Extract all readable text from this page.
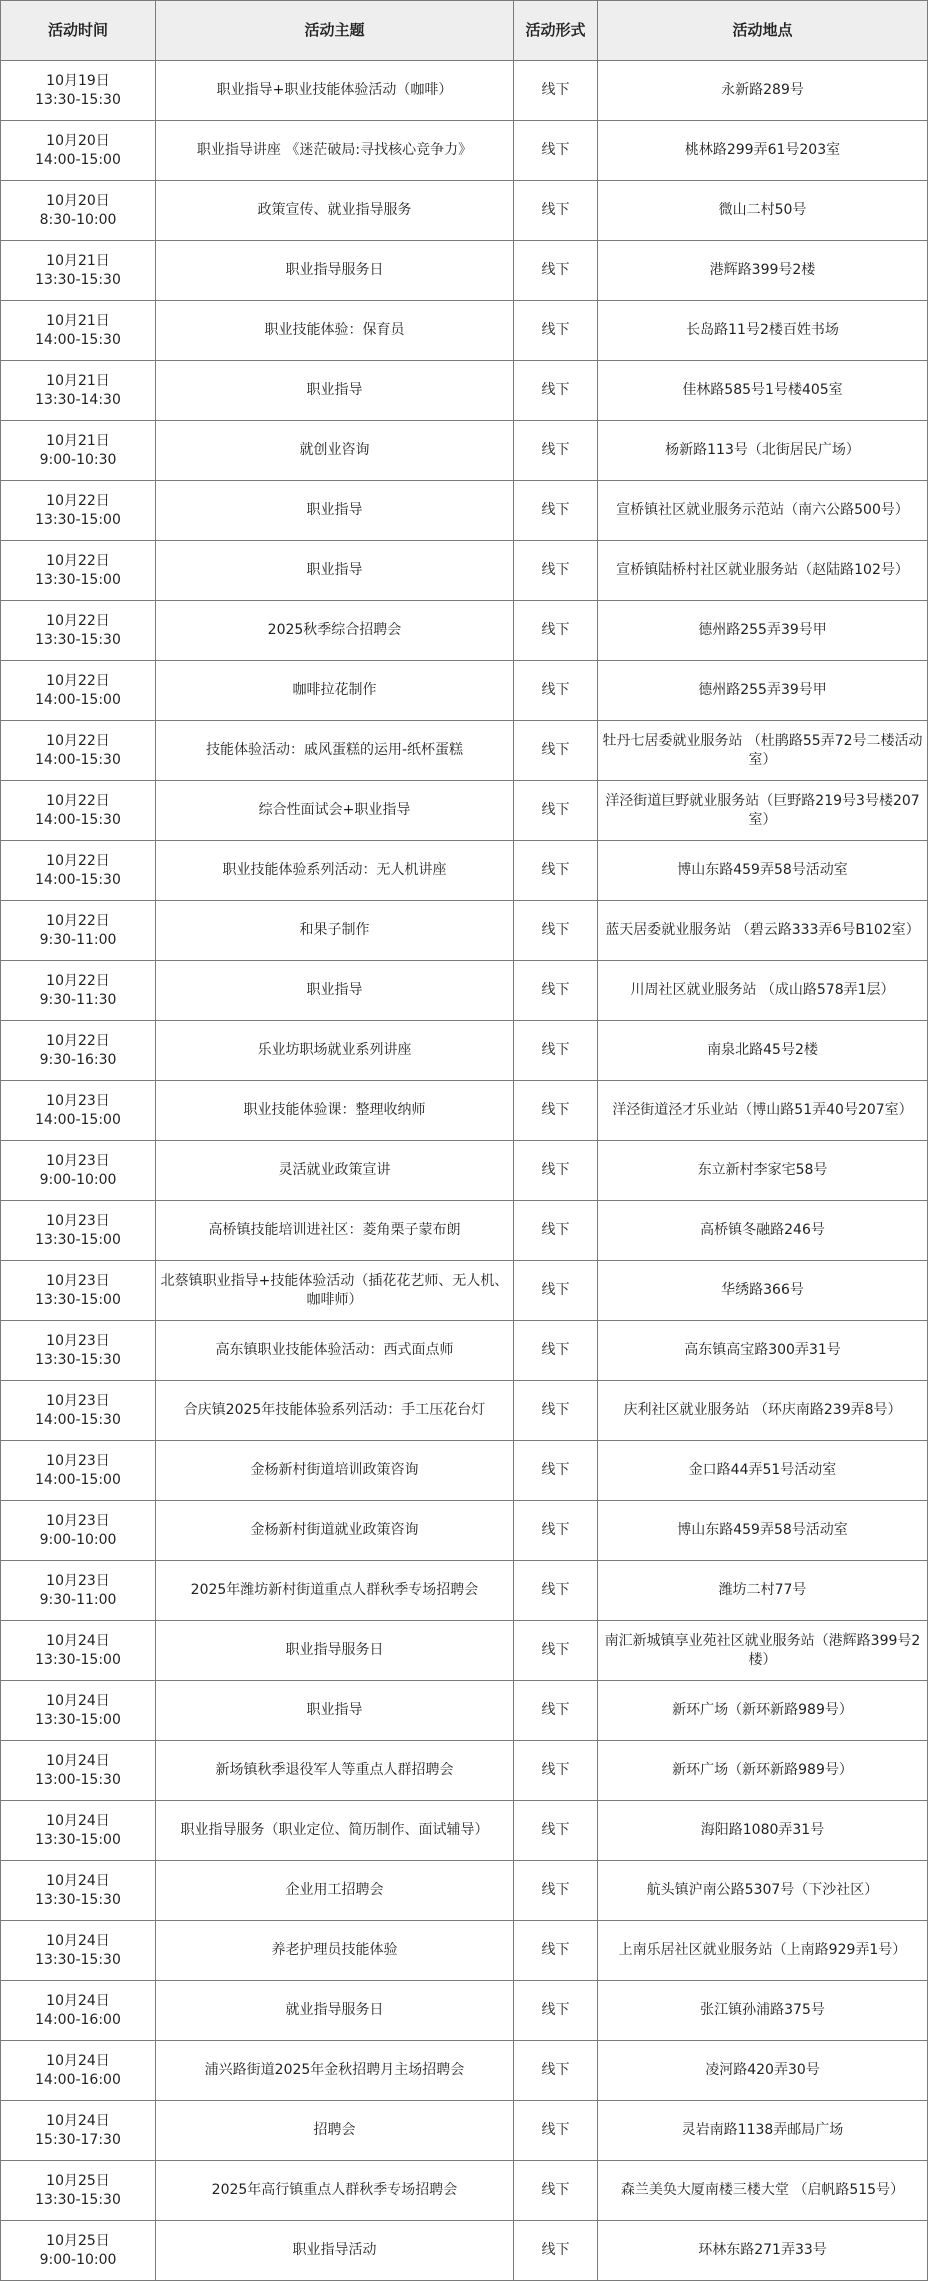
活动时间	活动主题	活动形式	活动地点

10月19日
13:30-15:30	职业指导+职业技能体验活动（咖啡）	线下	永新路289号

10月20日
14:00-15:00	职业指导讲座 《迷茫破局:寻找核心竞争力》	线下	桃林路299弄61号203室

10月20日
8:30-10:00	政策宣传、就业指导服务	线下	微山二村50号

10月21日
13:30-15:30	职业指导服务日	线下	港辉路399号2楼

10月21日
14:00-15:30	职业技能体验：保育员	线下	长岛路11号2楼百姓书场

10月21日
13:30-14:30	职业指导	线下	佳林路585号1号楼405室

10月21日
9:00-10:30	就创业咨询	线下	杨新路113号（北街居民广场）

10月22日
13:30-15:00	职业指导	线下	宣桥镇社区就业服务示范站（南六公路500号）

10月22日
13:30-15:00	职业指导	线下	宣桥镇陆桥村社区就业服务站（赵陆路102号）

10月22日
13:30-15:30	2025秋季综合招聘会	线下	德州路255弄39号甲

10月22日
14:00-15:00	咖啡拉花制作	线下	德州路255弄39号甲

10月22日
14:00-15:30	技能体验活动：戚风蛋糕的运用-纸杯蛋糕	线下	牡丹七居委就业服务站 （杜鹃路55弄72号二楼活动室）

10月22日
14:00-15:30	综合性面试会+职业指导	线下	洋泾街道巨野就业服务站（巨野路219号3号楼207室）

10月22日
14:00-15:30	职业技能体验系列活动：无人机讲座	线下	博山东路459弄58号活动室

10月22日
9:30-11:00	和果子制作	线下	蓝天居委就业服务站 （碧云路333弄6号B102室）

10月22日
9:30-11:30	职业指导	线下	川周社区就业服务站 （成山路578弄1层）

10月22日
9:30-16:30	乐业坊职场就业系列讲座	线下	南泉北路45号2楼

10月23日
14:00-15:00	职业技能体验课：整理收纳师	线下	洋泾街道泾才乐业站（博山路51弄40号207室）

10月23日
9:00-10:00	灵活就业政策宣讲	线下	东立新村李家宅58号

10月23日
13:30-15:00	高桥镇技能培训进社区：菱角栗子蒙布朗	线下	高桥镇冬融路246号

10月23日
13:30-15:00	北蔡镇职业指导+技能体验活动（插花花艺师、无人机、咖啡师）	线下	华绣路366号

10月23日
13:30-15:30	高东镇职业技能体验活动：西式面点师	线下	高东镇高宝路300弄31号

10月23日
14:00-15:30	合庆镇2025年技能体验系列活动：手工压花台灯	线下	庆利社区就业服务站 （环庆南路239弄8号）

10月23日
14:00-15:00	金杨新村街道培训政策咨询	线下	金口路44弄51号活动室

10月23日
9:00-10:00	金杨新村街道就业政策咨询	线下	博山东路459弄58号活动室

10月23日
9:30-11:00	2025年潍坊新村街道重点人群秋季专场招聘会	线下	潍坊二村77号

10月24日
13:30-15:00	职业指导服务日	线下	南汇新城镇享业苑社区就业服务站（港辉路399号2楼）

10月24日
13:30-15:00	职业指导	线下	新环广场（新环新路989号）

10月24日
13:00-15:30	新场镇秋季退役军人等重点人群招聘会	线下	新环广场（新环新路989号）

10月24日
13:30-15:00	职业指导服务（职业定位、简历制作、面试辅导）	线下	海阳路1080弄31号

10月24日
13:30-15:30	企业用工招聘会	线下	航头镇沪南公路5307号（下沙社区）

10月24日
13:30-15:30	养老护理员技能体验	线下	上南乐居社区就业服务站（上南路929弄1号）

10月24日
14:00-16:00	就业指导服务日	线下	张江镇孙浦路375号

10月24日
14:00-16:00	浦兴路街道2025年金秋招聘月主场招聘会	线下	凌河路420弄30号

10月24日
15:30-17:30	招聘会	线下	灵岩南路1138弄邮局广场

10月25日
13:30-15:30	2025年高行镇重点人群秋季专场招聘会	线下	森兰美奂大厦南楼三楼大堂 （启帆路515号）

10月25日
9:00-10:00	职业指导活动	线下	环林东路271弄33号
